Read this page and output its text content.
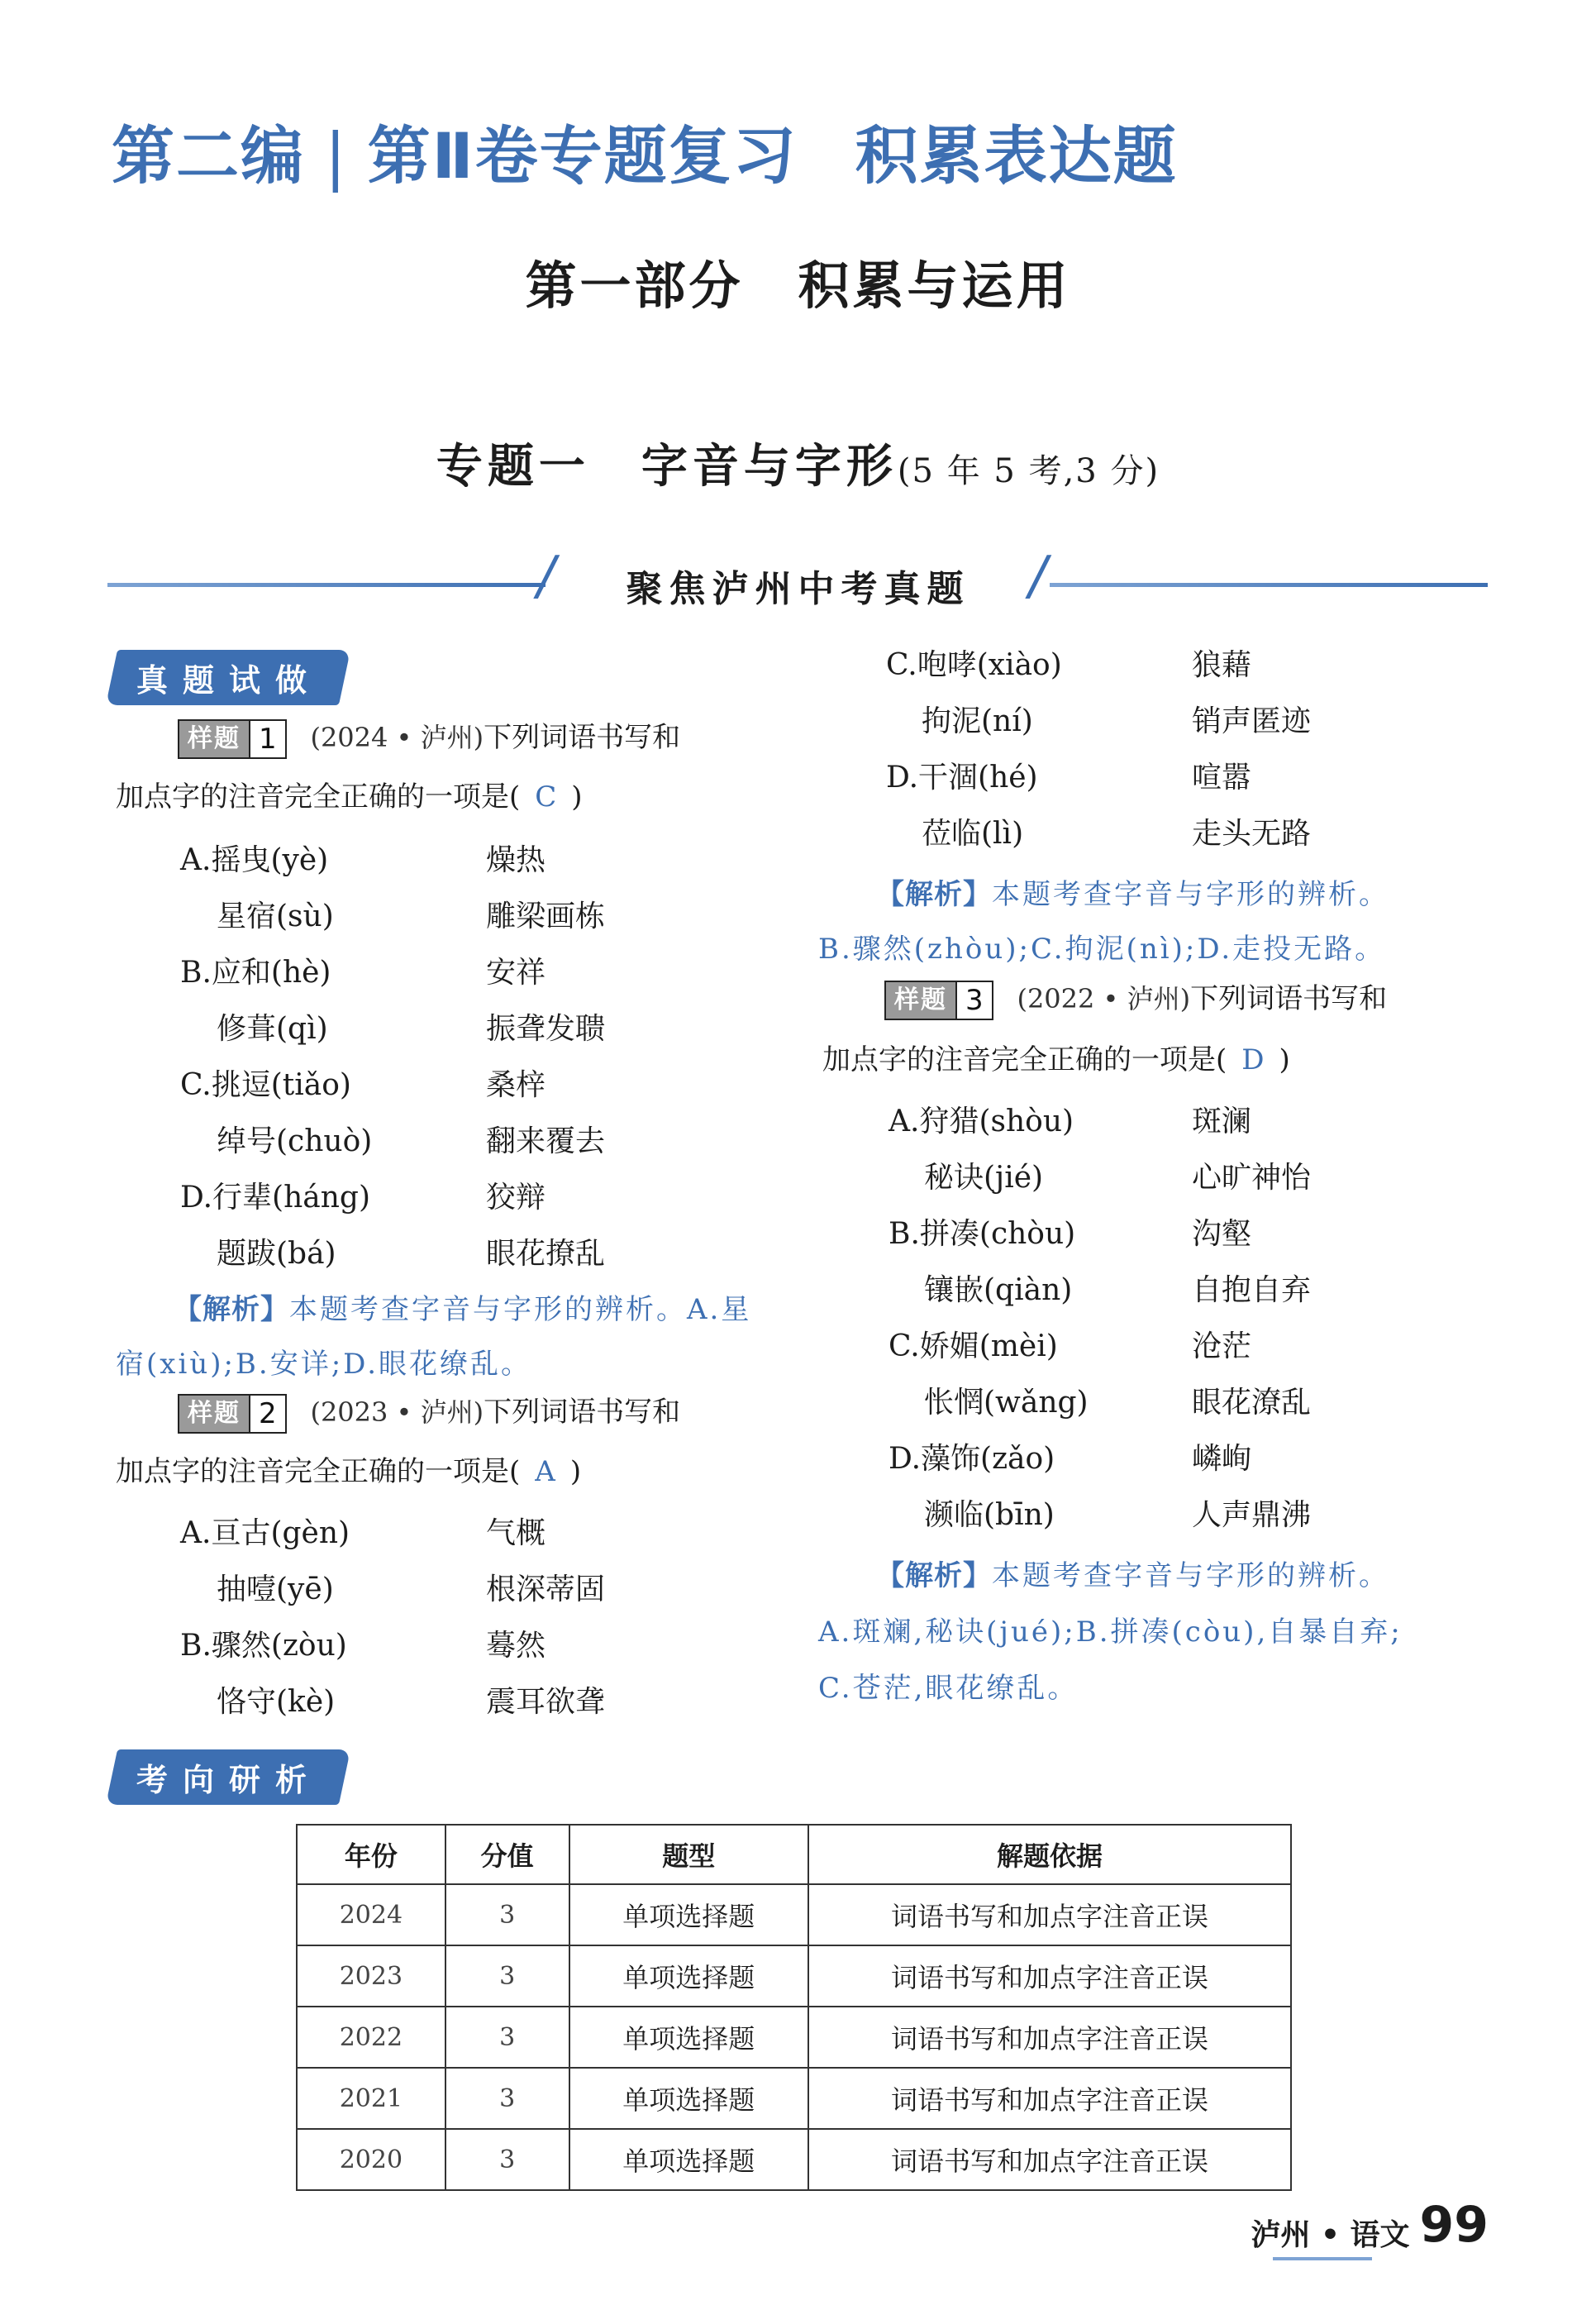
第二编 | 第Ⅱ卷专题复习 积累表达题
第一部分　积累与运用
专题一　字音与字形(5 年 5 考,3 分)
/	聚焦泸州中考真题	/
真题试做
样题 1	(2024 • 泸州)下列词语书写和
加点字的注音完全正确的一项是( C )
A.摇曳(yè)	燥热
星宿(sù)	雕梁画栋
B.应和(hè)	安祥
修葺(qì)	振聋发聩
C.挑逗(tiǎo)	桑梓
绰号(chuò)	翻来覆去
D.行辈(háng)	狡辩
题跋(bá)	眼花撩乱
【解析】本题考查字音与字形的辨析。A.星
宿(xiù);B.安详;D.眼花缭乱。
样题 2	(2023 • 泸州)下列词语书写和
加点字的注音完全正确的一项是( A )
A.亘古(gèn)	气概
抽噎(yē)	根深蒂固
B.骤然(zòu)	蓦然
恪守(kè)	震耳欲聋
C.咆哮(xiào)	狼藉
拘泥(ní)	销声匿迹
D.干涸(hé)	喧嚣
莅临(lì)	走头无路
【解析】本题考查字音与字形的辨析。
B.骤然(zhòu);C.拘泥(nì);D.走投无路。
样题 3	(2022 • 泸州)下列词语书写和
加点字的注音完全正确的一项是( D )
A.狩猎(shòu)	斑澜
秘诀(jié)	心旷神怡
B.拼凑(chòu)	沟壑
镶嵌(qiàn)	自抱自弃
C.娇媚(mèi)	沧茫
怅惘(wǎng)	眼花潦乱
D.藻饰(zǎo)	嶙峋
濒临(bīn)	人声鼎沸
【解析】本题考查字音与字形的辨析。
A.斑斓,秘诀(jué);B.拼凑(còu),自暴自弃;
C.苍茫,眼花缭乱。
考向研析
年份	分值	题型	解题依据
2024	3	单项选择题	词语书写和加点字注音正误
2023	3	单项选择题	词语书写和加点字注音正误
2022	3	单项选择题	词语书写和加点字注音正误
2021	3	单项选择题	词语书写和加点字注音正误
2020	3	单项选择题	词语书写和加点字注音正误
泸州 • 语文 99
